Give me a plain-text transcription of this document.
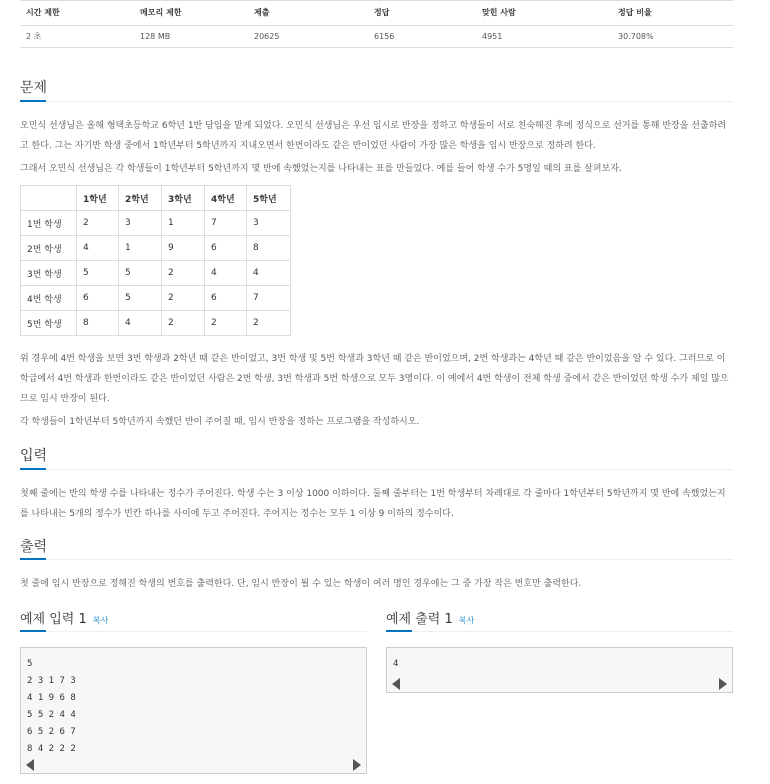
시간 제한	메모리 제한	제출	정답	맞힌 사람	정답 비율
2 초	128 MB	20625	6156	4951	30.708%
문제
오민식 선생님은 올해 형택초등학교 6학년 1반 담임을 맡게 되었다. 오민식 선생님은 우선 임시로 반장을 정하고 학생들이 서로 친숙해진 후에 정식으로 선거를 통해 반장을 선출하려고 한다. 그는 자기반 학생 중에서 1학년부터 5학년까지 지내오면서 한번이라도 같은 반이었던 사람이 가장 많은 학생을 임시 반장으로 정하려 한다.
그래서 오민식 선생님은 각 학생들이 1학년부터 5학년까지 몇 반에 속했었는지를 나타내는 표를 만들었다. 예를 들어 학생 수가 5명일 때의 표를 살펴보자.
	1학년	2학년	3학년	4학년	5학년
1번 학생	2	3	1	7	3
2번 학생	4	1	9	6	8
3번 학생	5	5	2	4	4
4번 학생	6	5	2	6	7
5번 학생	8	4	2	2	2
위 경우에 4번 학생을 보면 3번 학생과 2학년 때 같은 반이었고, 3번 학생 및 5번 학생과 3학년 때 같은 반이었으며, 2번 학생과는 4학년 때 같은 반이었음을 알 수 있다. 그러므로 이 학급에서 4번 학생과 한번이라도 같은 반이었던 사람은 2번 학생, 3번 학생과 5번 학생으로 모두 3명이다. 이 예에서 4번 학생이 전체 학생 중에서 같은 반이었던 학생 수가 제일 많으므로 임시 반장이 된다.
각 학생들이 1학년부터 5학년까지 속했던 반이 주어질 때, 임시 반장을 정하는 프로그램을 작성하시오.
입력
첫째 줄에는 반의 학생 수를 나타내는 정수가 주어진다. 학생 수는 3 이상 1000 이하이다. 둘째 줄부터는 1번 학생부터 차례대로 각 줄마다 1학년부터 5학년까지 몇 반에 속했었는지를 나타내는 5개의 정수가 빈칸 하나를 사이에 두고 주어진다. 주어지는 정수는 모두 1 이상 9 이하의 정수이다.
출력
첫 줄에 임시 반장으로 정해진 학생의 번호를 출력한다. 단, 임시 반장이 될 수 있는 학생이 여러 명인 경우에는 그 중 가장 작은 번호만 출력한다.
예제 입력 1 복사
5
2 3 1 7 3
4 1 9 6 8
5 5 2 4 4
6 5 2 6 7
8 4 2 2 2
예제 출력 1 복사
4
